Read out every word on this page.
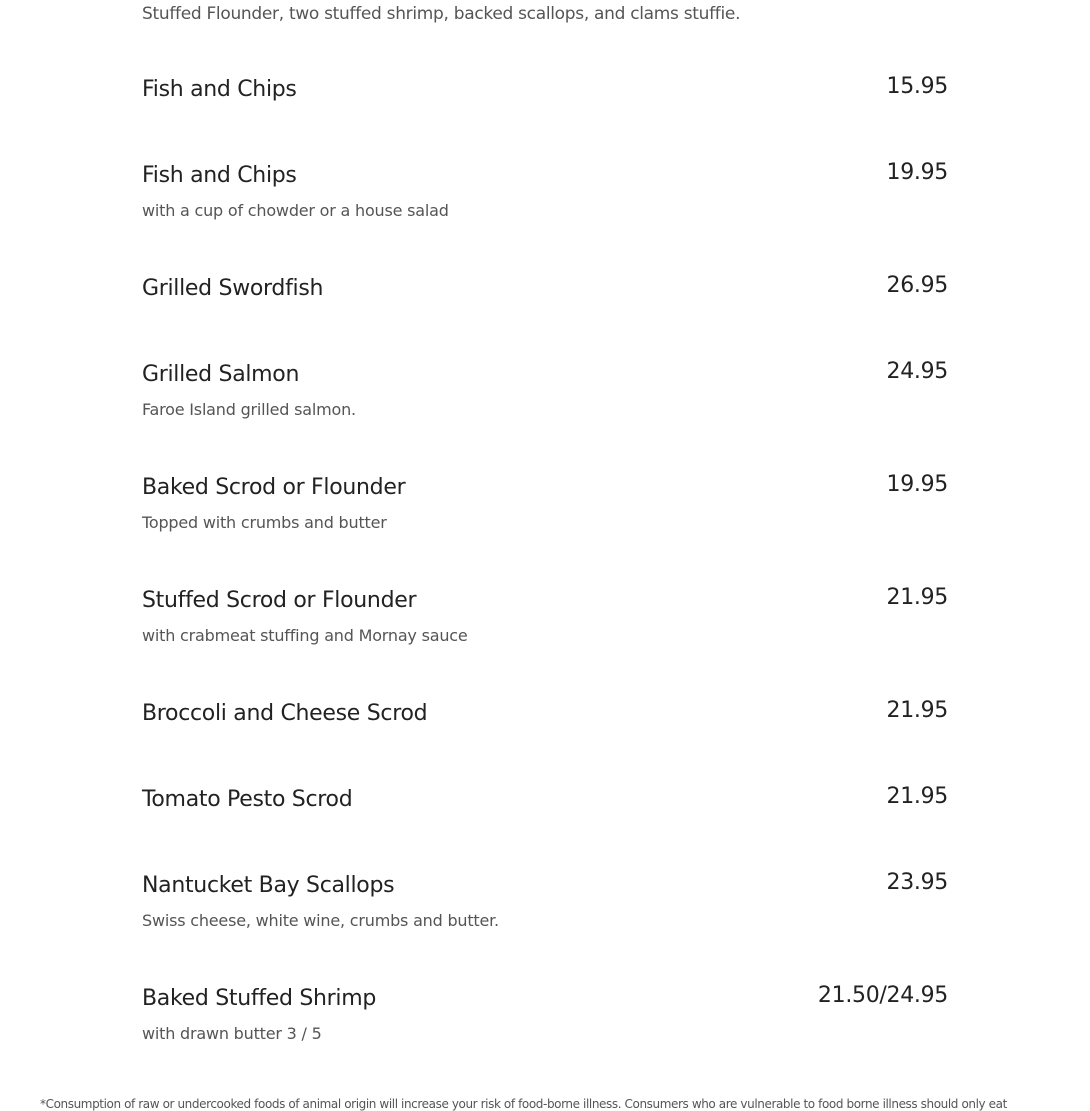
Stuffed Flounder, two stuffed shrimp, backed scallops, and clams stuffie.
Fish and Chips	15.95
Fish and Chips	19.95
with a cup of chowder or a house salad
Grilled Swordfish	26.95
Grilled Salmon	24.95
Faroe Island grilled salmon.
Baked Scrod or Flounder	19.95
Topped with crumbs and butter
Stuffed Scrod or Flounder	21.95
with crabmeat stuffing and Mornay sauce
Broccoli and Cheese Scrod	21.95
Tomato Pesto Scrod	21.95
Nantucket Bay Scallops	23.95
Swiss cheese, white wine, crumbs and butter.
Baked Stuffed Shrimp	21.50/24.95
with drawn butter 3 / 5
*Consumption of raw or undercooked foods of animal origin will increase your risk of food-borne illness. Consumers who are vulnerable to food borne illness should only eat
